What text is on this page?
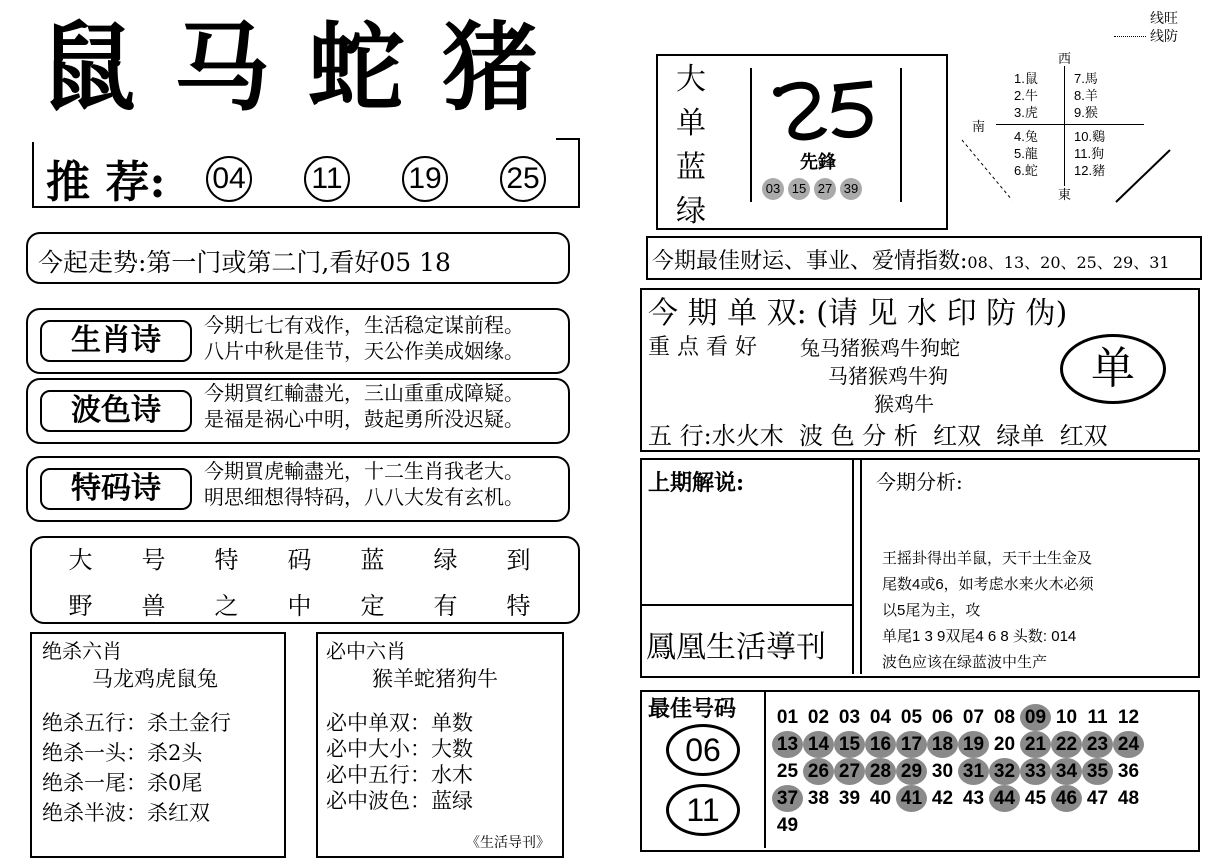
鼠马蛇猪
推 荐: 04 11 19 25
今起走势:第一门或第二门,看好05 18
生肖诗	今期七七有戏作，生活稳定谋前程。
八片中秋是佳节，天公作美成姻缘。
波色诗	今期買红輸盡光，三山重重成障疑。
是福是祸心中明，鼓起勇所没迟疑。
特码诗	今期買虎輸盡光，十二生肖我老大。
明思细想得特码，八八大发有玄机。
大 号 特 码 蓝 绿 到
野 兽 之 中 定 有 特
绝杀六肖
马龙鸡虎鼠兔
绝杀五行：杀土金行
绝杀一头：杀2头
绝杀一尾：杀0尾
绝杀半波：杀红双
必中六肖
猴羊蛇猪狗牛
必中单双：单数
必中大小：大数
必中五行：水木
必中波色：蓝绿
《生活导刊》
线旺
线防
大
单
蓝
绿
先鋒
03 15 27 39
西
南
東
1.鼠
2.牛
3.虎
4.兔
5.龍
6.蛇
7.馬
8.羊
9.猴
10.鷄
11.狗
12.豬
今期最佳财运、事业、爱情指数:08、13、20、25、29、31
今 期 单 双: (请 见 水 印 防 伪)
重 点 看 好 兔马猪猴鸡牛狗蛇
马猪猴鸡牛狗
猴鸡牛
单
五 行:水火木  波 色 分 析  红双  绿单  红双
上期解说:
鳳凰生活導刊
今期分析:
王摇卦得出羊鼠，天干土生金及
尾数4或6，如考虑水来火木必须
以5尾为主，攻
单尾1 3 9双尾4 6 8 头数: 014
波色应该在绿蓝波中生产
最佳号码
06
11
01 02 03 04 05 06 07 08 09 10 11 12
13 14 15 16 17 18 19 20 21 22 23 24
25 26 27 28 29 30 31 32 33 34 35 36
37 38 39 40 41 42 43 44 45 46 47 48
49
